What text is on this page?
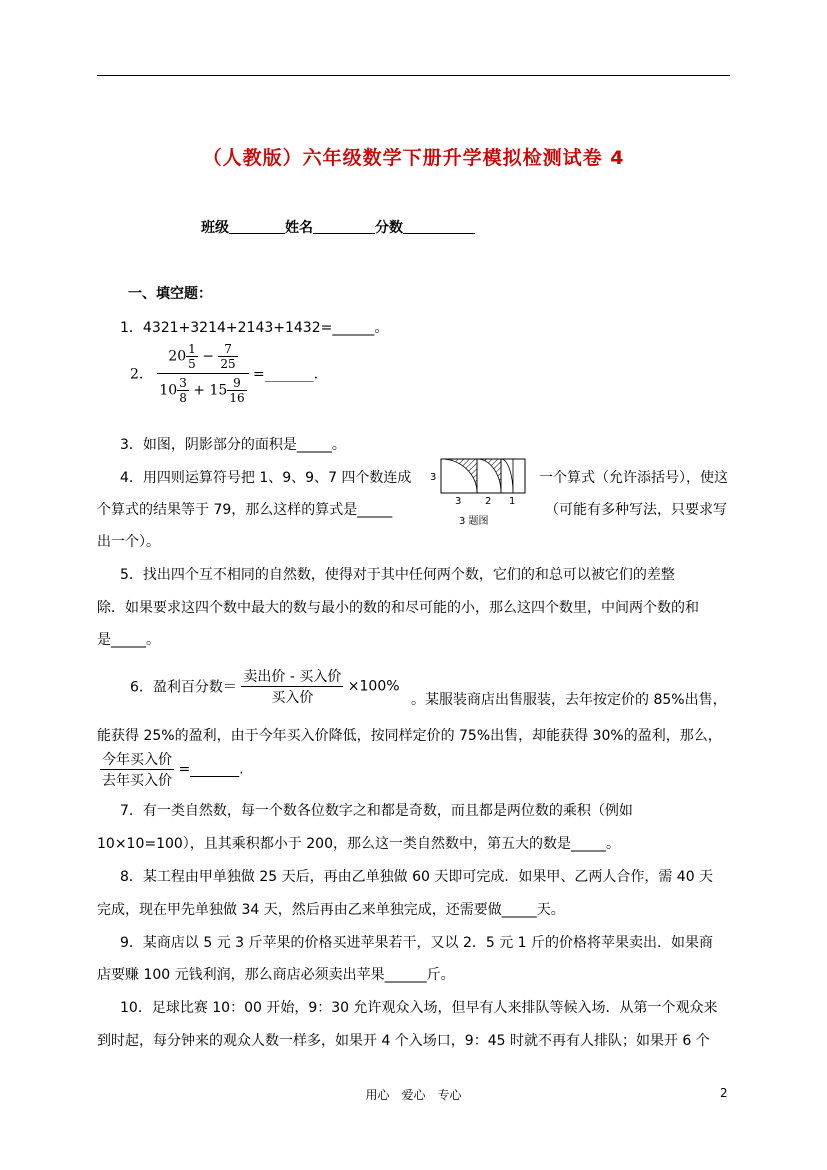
（人教版）六年级数学下册升学模拟检测试卷 4
班级	姓名	分数
一、填空题：
1．4321+3214+2143+1432=______。
2． $\frac{20 \frac{1}{5} - \frac{7}{25}}{10 \frac{3}{8} + 15 \frac{9}{16}}$ =_______．
3．如图，阴影部分的面积是_____。
4．用四则运算符号把 1、9、9、7 四个数连成	一个算式（允许添括号），使这
个算式的结果等于 79，那么这样的算式是_____	（可能有多种写法，只要求写
出一个）。
3
3 2 1
3 题图
5．找出四个互不相同的自然数，使得对于其中任何两个数，它们的和总可以被它们的差整
除．如果要求这四个数中最大的数与最小的数的和尽可能的小，那么这四个数里，中间两个数的和
是_____。
6．盈利百分数＝ $\frac{\text{卖出价 - 买入价}}{\text{买入价}} \times 100\%$
。某服装商店出售服装，去年按定价的 85%出售，
能获得 25%的盈利，由于今年买入价降低，按同样定价的 75%出售，却能获得 30%的盈利，那么，
$\frac{\text{今年买入价}}{\text{去年买入价}}$ =_______.
7．有一类自然数，每一个数各位数字之和都是奇数，而且都是两位数的乘积（例如
10×10=100），且其乘积都小于 200，那么这一类自然数中，第五大的数是_____。
8．某工程由甲单独做 25 天后，再由乙单独做 60 天即可完成．如果甲、乙两人合作，需 40 天
完成，现在甲先单独做 34 天，然后再由乙来单独完成，还需要做_____天。
9．某商店以 5 元 3 斤苹果的价格买进苹果若干，又以 2．5 元 1 斤的价格将苹果卖出．如果商
店要赚 100 元钱利润，那么商店必须卖出苹果______斤。
10．足球比赛 10：00 开始，9：30 允许观众入场，但早有人来排队等候入场．从第一个观众来
到时起，每分钟来的观众人数一样多，如果开 4 个入场口，9：45 时就不再有人排队；如果开 6 个
用心　爱心　专心	2
